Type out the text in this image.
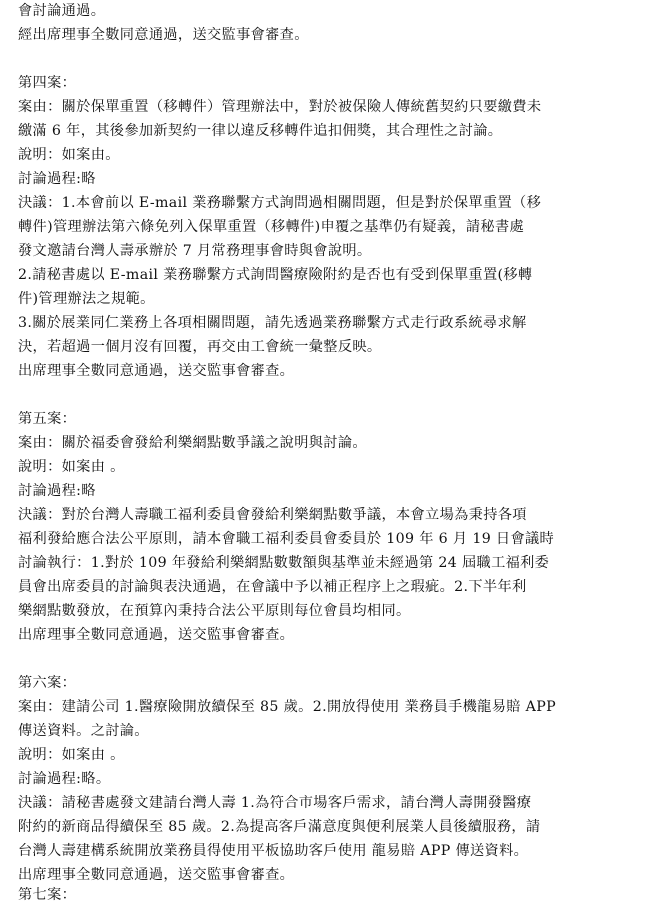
會討論通過。
經出席理事全數同意通過，送交監事會審查。
第四案：
案由：關於保單重置（移轉件）管理辦法中，對於被保險人傳統舊契約只要繳費未
繳滿 6 年，其後參加新契約一律以違反移轉件追扣佣獎，其合理性之討論。
說明：如案由。
討論過程:略
決議：1.本會前以 E-mail 業務聯繫方式詢問過相關問題，但是對於保單重置（移
轉件)管理辦法第六條免列入保單重置（移轉件)申覆之基準仍有疑義，請秘書處
發文邀請台灣人壽承辦於 7 月常務理事會時與會說明。
2.請秘書處以 E-mail 業務聯繫方式詢問醫療險附約是否也有受到保單重置(移轉
件)管理辦法之規範。
3.關於展業同仁業務上各項相關問題，請先透過業務聯繫方式走行政系統尋求解
決，若超過一個月沒有回覆，再交由工會統一彙整反映。
出席理事全數同意通過，送交監事會審查。
第五案：
案由：關於福委會發給利樂網點數爭議之說明與討論。
說明：如案由 。
討論過程:略
決議：對於台灣人壽職工福利委員會發給利樂網點數爭議，本會立場為秉持各項
福利發給應合法公平原則，請本會職工福利委員會委員於 109 年 6 月 19 日會議時
討論執行：1.對於 109 年發給利樂網點數數額與基準並未經過第 24 屆職工福利委
員會出席委員的討論與表決通過，在會議中予以補正程序上之瑕疵。2.下半年利
樂網點數發放，在預算內秉持合法公平原則每位會員均相同。
出席理事全數同意通過，送交監事會審查。
第六案：
案由：建請公司 1.醫療險開放續保至 85 歲。2.開放得使用 業務員手機龍易賠 APP
傳送資料。之討論。
說明：如案由 。
討論過程:略。
決議：請秘書處發文建請台灣人壽 1.為符合市場客戶需求，請台灣人壽開發醫療
附約的新商品得續保至 85 歲。2.為提高客戶滿意度與便利展業人員後續服務，請
台灣人壽建構系統開放業務員得使用平板協助客戶使用 龍易賠 APP 傳送資料。
出席理事全數同意通過，送交監事會審查。
第七案：
